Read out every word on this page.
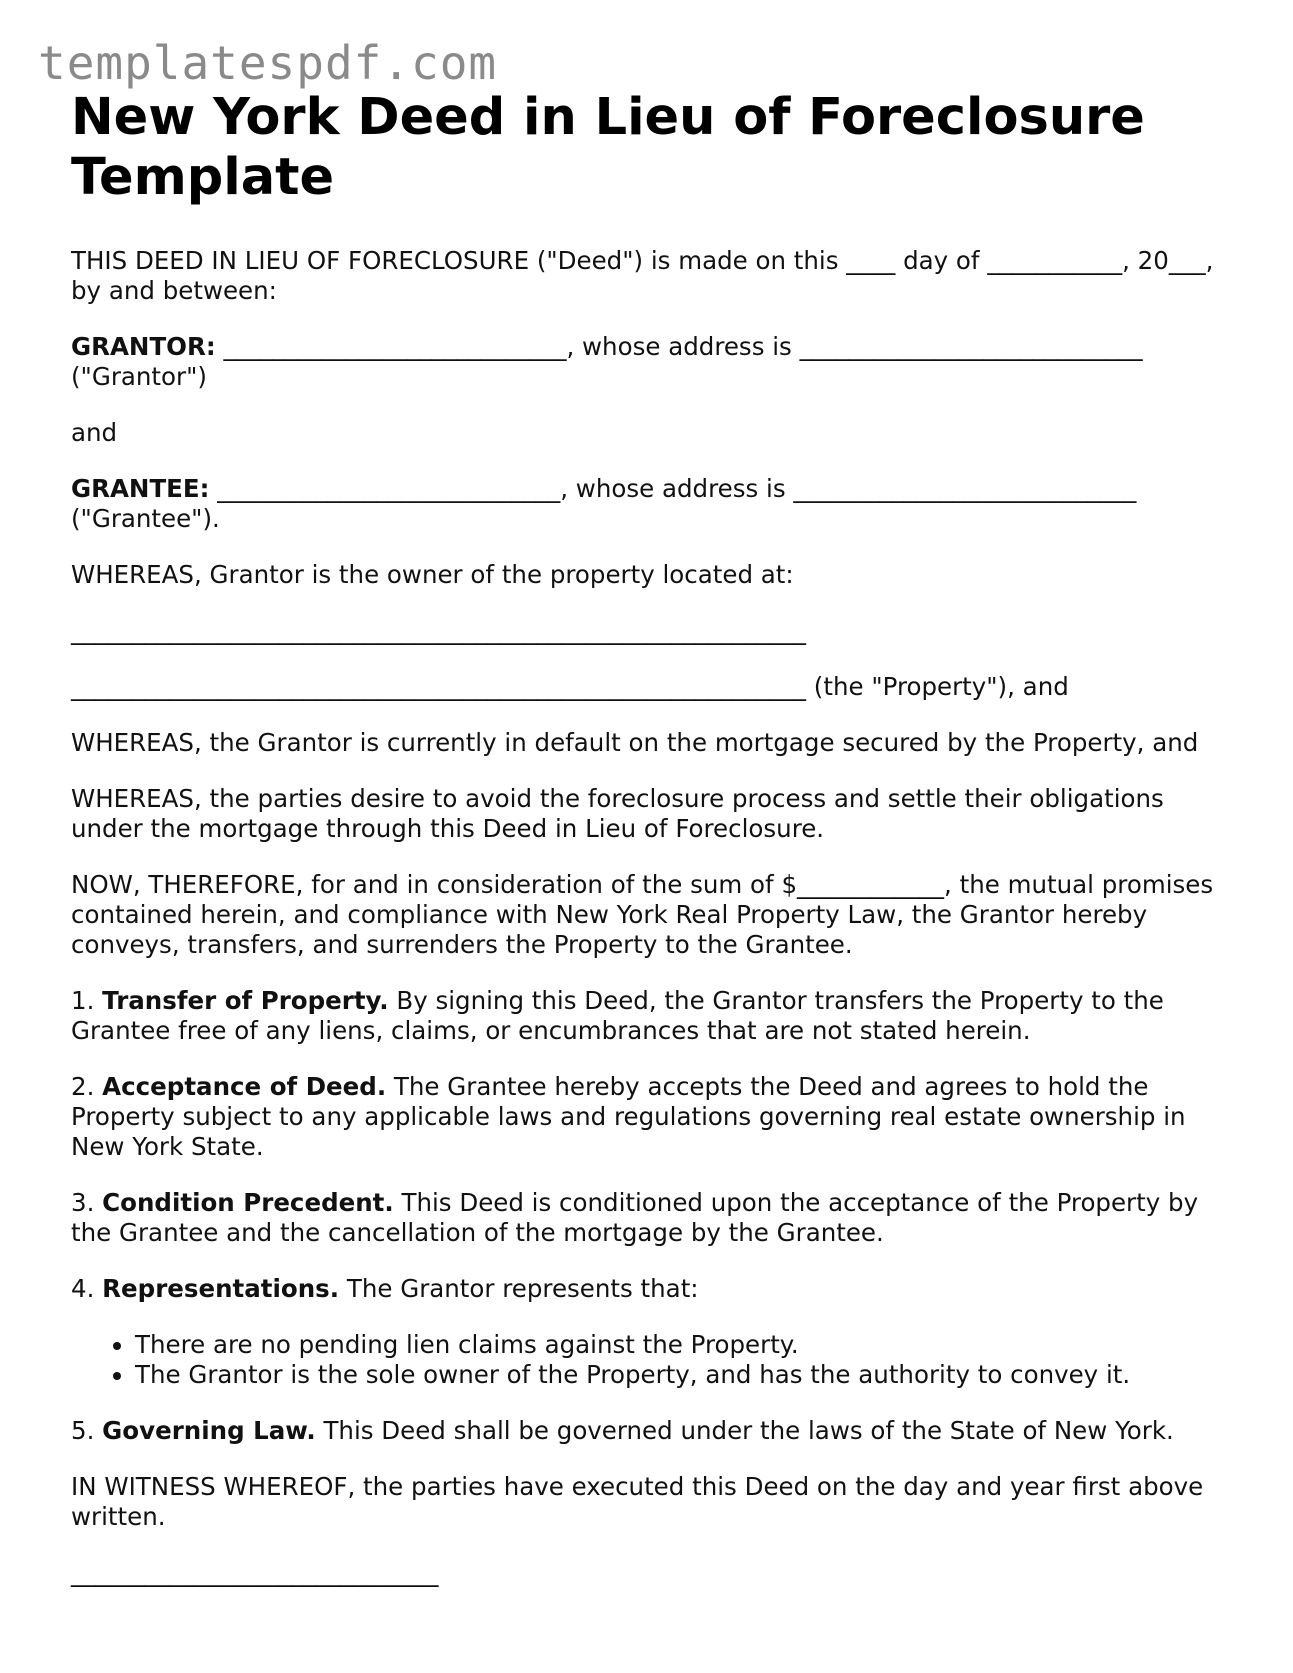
templatespdf.com
New York Deed in Lieu of Foreclosure Template

THIS DEED IN LIEU OF FORECLOSURE ("Deed") is made on this ____ day of ___________, 20___, by and between:

GRANTOR: ____________________________, whose address is ____________________________ ("Grantor")

and

GRANTEE: ____________________________, whose address is ____________________________ ("Grantee").

WHEREAS, Grantor is the owner of the property located at:

____________________________________________________________

____________________________________________________________ (the "Property"), and

WHEREAS, the Grantor is currently in default on the mortgage secured by the Property, and

WHEREAS, the parties desire to avoid the foreclosure process and settle their obligations under the mortgage through this Deed in Lieu of Foreclosure.

NOW, THEREFORE, for and in consideration of the sum of $____________, the mutual promises contained herein, and compliance with New York Real Property Law, the Grantor hereby conveys, transfers, and surrenders the Property to the Grantee.

1. Transfer of Property. By signing this Deed, the Grantor transfers the Property to the Grantee free of any liens, claims, or encumbrances that are not stated herein.

2. Acceptance of Deed. The Grantee hereby accepts the Deed and agrees to hold the Property subject to any applicable laws and regulations governing real estate ownership in New York State.

3. Condition Precedent. This Deed is conditioned upon the acceptance of the Property by the Grantee and the cancellation of the mortgage by the Grantee.

4. Representations. The Grantor represents that:

• There are no pending lien claims against the Property.
• The Grantor is the sole owner of the Property, and has the authority to convey it.

5. Governing Law. This Deed shall be governed under the laws of the State of New York.

IN WITNESS WHEREOF, the parties have executed this Deed on the day and year first above written.

______________________________
